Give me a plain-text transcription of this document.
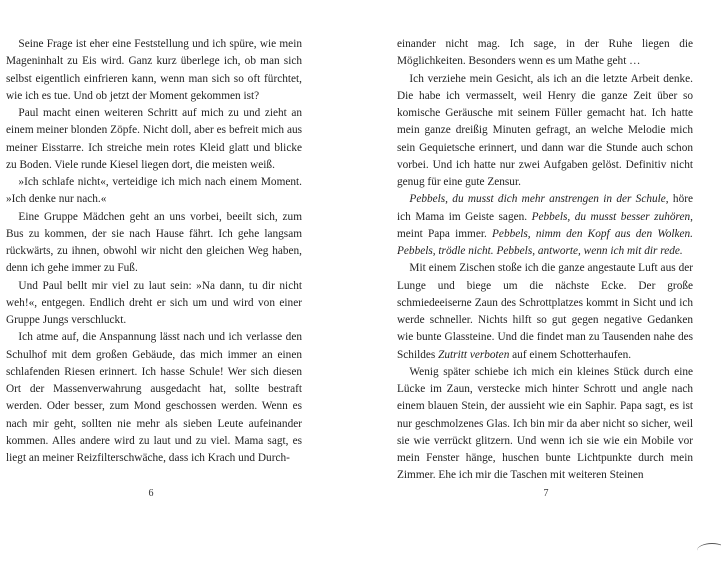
Seine Frage ist eher eine Feststellung und ich spüre, wie mein Mageninhalt zu Eis wird. Ganz kurz überlege ich, ob man sich selbst eigentlich einfrieren kann, wenn man sich so oft fürchtet, wie ich es tue. Und ob jetzt der Moment gekommen ist?

Paul macht einen weiteren Schritt auf mich zu und zieht an einem meiner blonden Zöpfe. Nicht doll, aber es befreit mich aus meiner Eisstarre. Ich streiche mein rotes Kleid glatt und blicke zu Boden. Viele runde Kiesel liegen dort, die meisten weiß.

»Ich schlafe nicht«, verteidige ich mich nach einem Moment. »Ich denke nur nach.«

Eine Gruppe Mädchen geht an uns vorbei, beeilt sich, zum Bus zu kommen, der sie nach Hause fährt. Ich gehe langsam rückwärts, zu ihnen, obwohl wir nicht den gleichen Weg haben, denn ich gehe immer zu Fuß.

Und Paul bellt mir viel zu laut sein: »Na dann, tu dir nicht weh!«, entgegen. Endlich dreht er sich um und wird von einer Gruppe Jungs verschluckt.

Ich atme auf, die Anspannung lässt nach und ich verlasse den Schulhof mit dem großen Gebäude, das mich immer an einen schlafenden Riesen erinnert. Ich hasse Schule! Wer sich diesen Ort der Massenverwahrung ausgedacht hat, sollte bestraft werden. Oder besser, zum Mond geschossen werden. Wenn es nach mir geht, sollten nie mehr als sieben Leute aufeinander kommen. Alles andere wird zu laut und zu viel. Mama sagt, es liegt an meiner Reizfilterschwäche, dass ich Krach und Durch-

6

einander nicht mag. Ich sage, in der Ruhe liegen die Möglichkeiten. Besonders wenn es um Mathe geht …

Ich verziehe mein Gesicht, als ich an die letzte Arbeit denke. Die habe ich vermasselt, weil Henry die ganze Zeit über so komische Geräusche mit seinem Füller gemacht hat. Ich hatte mein ganze dreißig Minuten gefragt, an welche Melodie mich sein Gequietsche erinnert, und dann war die Stunde auch schon vorbei. Und ich hatte nur zwei Aufgaben gelöst. Definitiv nicht genug für eine gute Zensur.

Pebbels, du musst dich mehr anstrengen in der Schule, höre ich Mama im Geiste sagen. Pebbels, du musst besser zuhören, meint Papa immer. Pebbels, nimm den Kopf aus den Wolken. Pebbels, trödle nicht. Pebbels, antworte, wenn ich mit dir rede.

Mit einem Zischen stoße ich die ganze angestaute Luft aus der Lunge und biege um die nächste Ecke. Der große schmiedeeiserne Zaun des Schrottplatzes kommt in Sicht und ich werde schneller. Nichts hilft so gut gegen negative Gedanken wie bunte Glassteine. Und die findet man zu Tausenden nahe des Schildes Zutritt verboten auf einem Schotterhaufen.

Wenig später schiebe ich mich ein kleines Stück durch eine Lücke im Zaun, verstecke mich hinter Schrott und angle nach einem blauen Stein, der aussieht wie ein Saphir. Papa sagt, es ist nur geschmolzenes Glas. Ich bin mir da aber nicht so sicher, weil sie wie verrückt glitzern. Und wenn ich sie wie ein Mobile vor mein Fenster hänge, huschen bunte Lichtpunkte durch mein Zimmer. Ehe ich mir die Taschen mit weiteren Steinen

7
